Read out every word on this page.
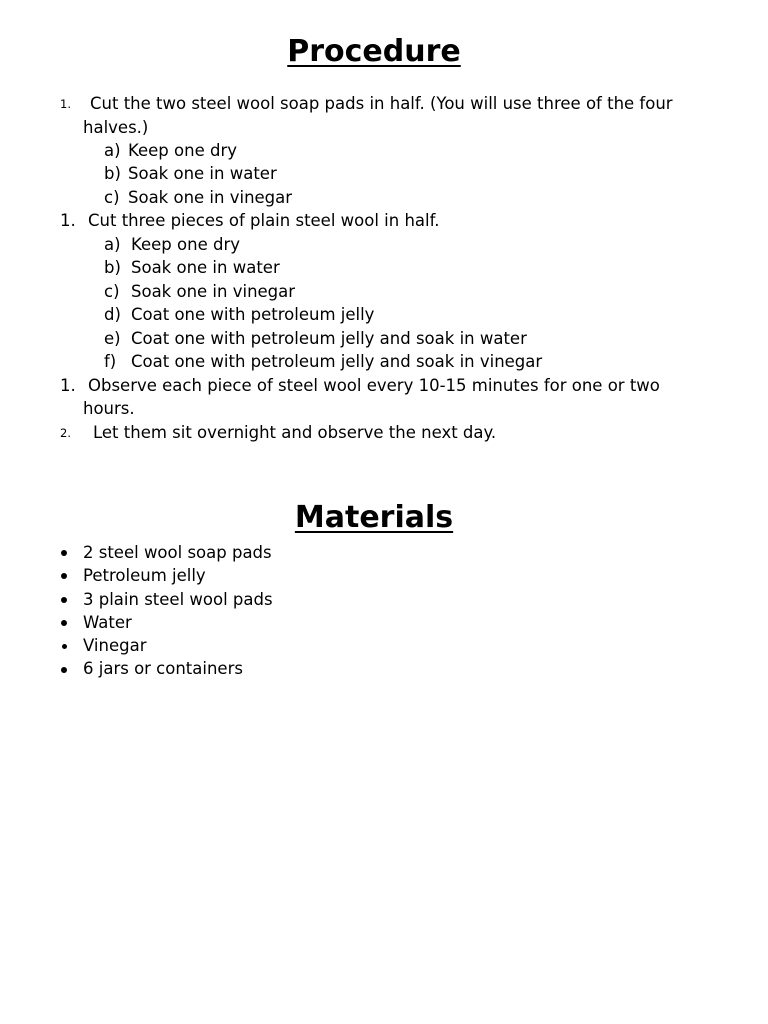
Procedure
1. Cut the two steel wool soap pads in half. (You will use three of the four
halves.)
a) Keep one dry
b) Soak one in water
c) Soak one in vinegar
1. Cut three pieces of plain steel wool in half.
a) Keep one dry
b) Soak one in water
c) Soak one in vinegar
d) Coat one with petroleum jelly
e) Coat one with petroleum jelly and soak in water
f) Coat one with petroleum jelly and soak in vinegar
1. Observe each piece of steel wool every 10-15 minutes for one or two
hours.
2. Let them sit overnight and observe the next day.
Materials
2 steel wool soap pads
Petroleum jelly
3 plain steel wool pads
Water
Vinegar
6 jars or containers
